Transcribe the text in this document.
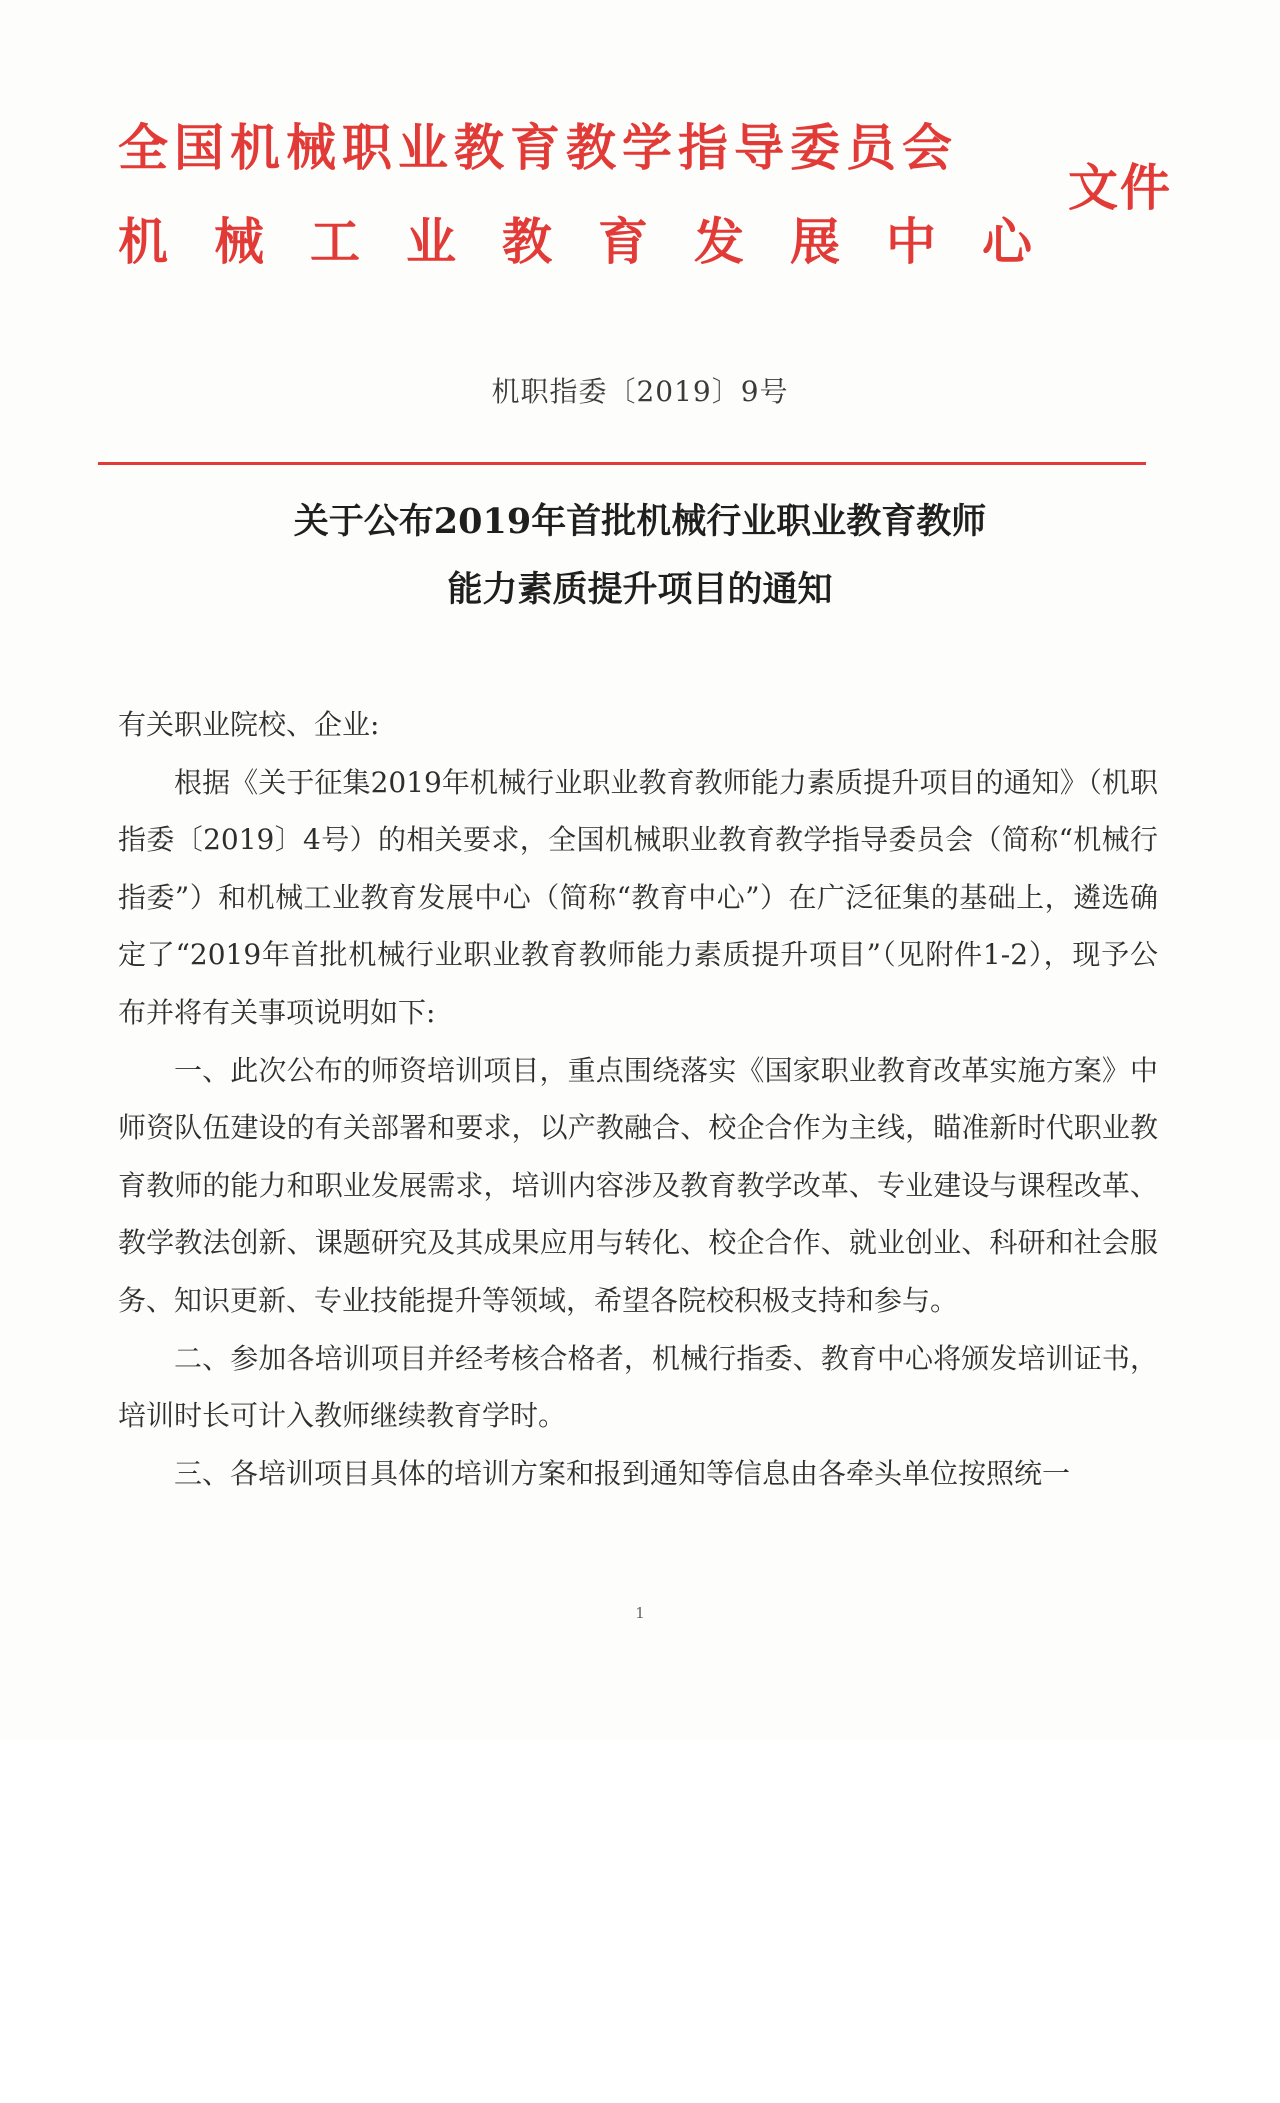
全国机械职业教育教学指导委员会
机械工业教育发展中心
文件
机职指委〔2019〕9号
关于公布2019年首批机械行业职业教育教师
能力素质提升项目的通知

有关职业院校、企业:

根据《关于征集2019年机械行业职业教育教师能力素质提升项目的通知》（机职指委〔2019〕4号）的相关要求，全国机械职业教育教学指导委员会（简称“机械行指委”）和机械工业教育发展中心（简称“教育中心”）在广泛征集的基础上，遴选确定了“2019年首批机械行业职业教育教师能力素质提升项目”（见附件1-2），现予公布并将有关事项说明如下:

一、此次公布的师资培训项目，重点围绕落实《国家职业教育改革实施方案》中师资队伍建设的有关部署和要求，以产教融合、校企合作为主线，瞄准新时代职业教育教师的能力和职业发展需求，培训内容涉及教育教学改革、专业建设与课程改革、教学教法创新、课题研究及其成果应用与转化、校企合作、就业创业、科研和社会服务、知识更新、专业技能提升等领域，希望各院校积极支持和参与。

二、参加各培训项目并经考核合格者，机械行指委、教育中心将颁发培训证书，培训时长可计入教师继续教育学时。

三、各培训项目具体的培训方案和报到通知等信息由各牵头单位按照统一

1
